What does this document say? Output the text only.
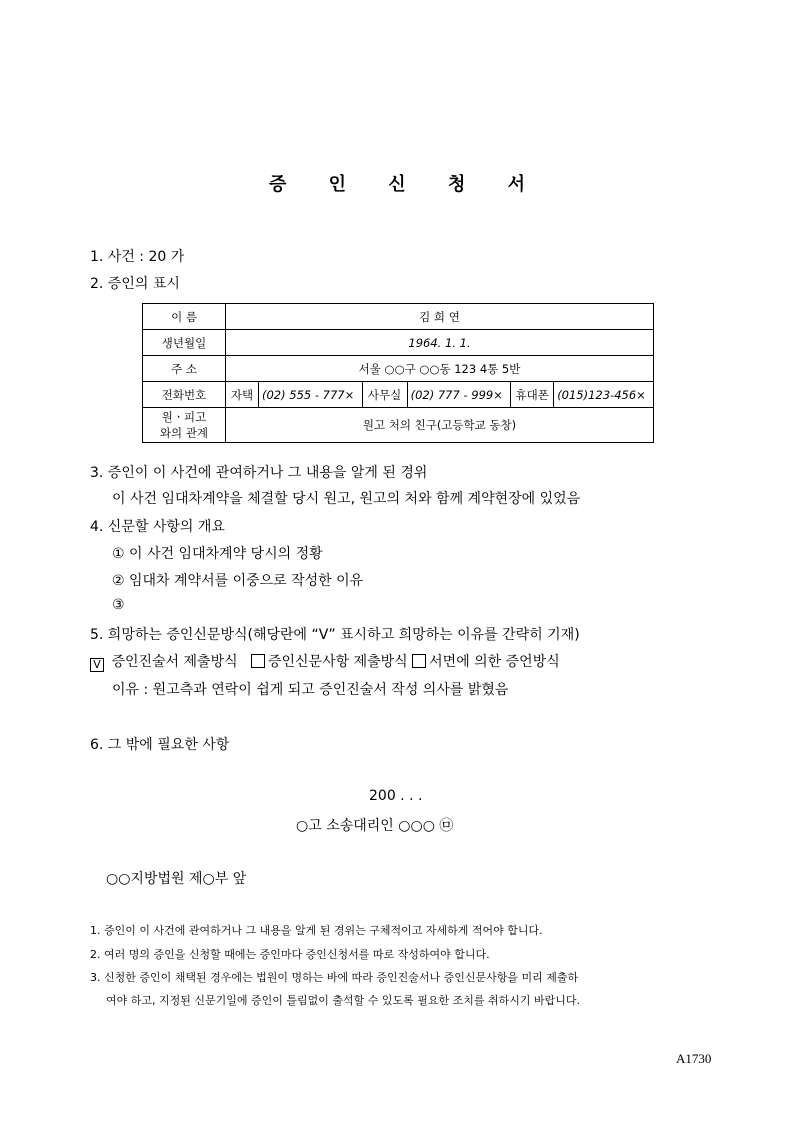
증 인 신 청 서
1. 사건 : 20 가
2. 증인의 표시
이 름	김 희 연					
생년월일	1964. 1. 1.					
주 소	서울 ○○구 ○○동 123 4통 5반					
전화번호	자택	(02) 555 - 777×	사무실	(02) 777 - 999×	휴대폰	(015)123-456×

원ㆍ피고
와의 관계	원고 처의 친구(고등학교 동창)					
3. 증인이 이 사건에 관여하거나 그 내용을 알게 된 경위
이 사건 임대차계약을 체결할 당시 원고, 원고의 처와 함께 계약현장에 있었음
4. 신문할 사항의 개요
① 이 사건 임대차계약 당시의 정황
② 임대차 계약서를 이중으로 작성한 이유
③
5. 희망하는 증인신문방식(해당란에 “V” 표시하고 희망하는 이유를 간략히 기재)
V 증인진술서 제출방식 증인신문사항 제출방식 서면에 의한 증언방식
이유 : 원고측과 연락이 쉽게 되고 증인진술서 작성 의사를 밝혔음
6. 그 밖에 필요한 사항
200 . . .
○고 소송대리인 ○○○ ㉤
○○지방법원 제○부 앞
1. 증인이 이 사건에 관여하거나 그 내용을 알게 된 경위는 구체적이고 자세하게 적어야 합니다.
2. 여러 명의 증인을 신청할 때에는 증인마다 증인신청서를 따로 작성하여야 합니다.
3. 신청한 증인이 채택된 경우에는 법원이 명하는 바에 따라 증인진술서나 증인신문사항을 미리 제출하
여야 하고, 지정된 신문기일에 증인이 틀림없이 출석할 수 있도록 필요한 조치를 취하시기 바랍니다.
A1730
